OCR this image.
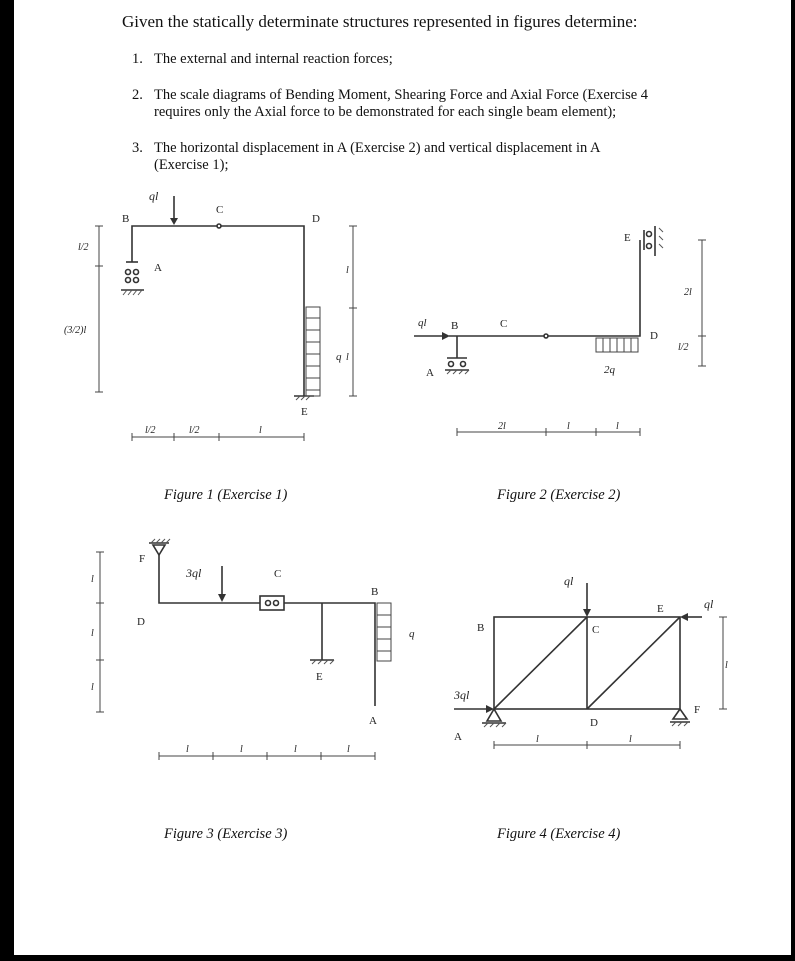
Given the statically determinate structures represented in figures determine:
1. The external and internal reaction forces;
2. The scale diagrams of Bending Moment, Shearing Force and Axial Force (Exercise 4
requires only the Axial force to be demonstrated for each single beam element);
3. The horizontal displacement in A (Exercise 2) and vertical displacement in A
(Exercise 1);
B
A
C
D
E
ql
q
l/2
(3/2)l
l
l
l/2	l/2	l
Figure 1 (Exercise 1)
A
B	C
D
E
ql
2q
2l
l/2
2l	l	l
Figure 2 (Exercise 2)
F
D
C
B
E
A
3ql
q
l
l
l
l	l	l	l
Figure 3 (Exercise 3)
A
B	C
D
E
F
ql
ql
3ql
l
l	l
Figure 4 (Exercise 4)
